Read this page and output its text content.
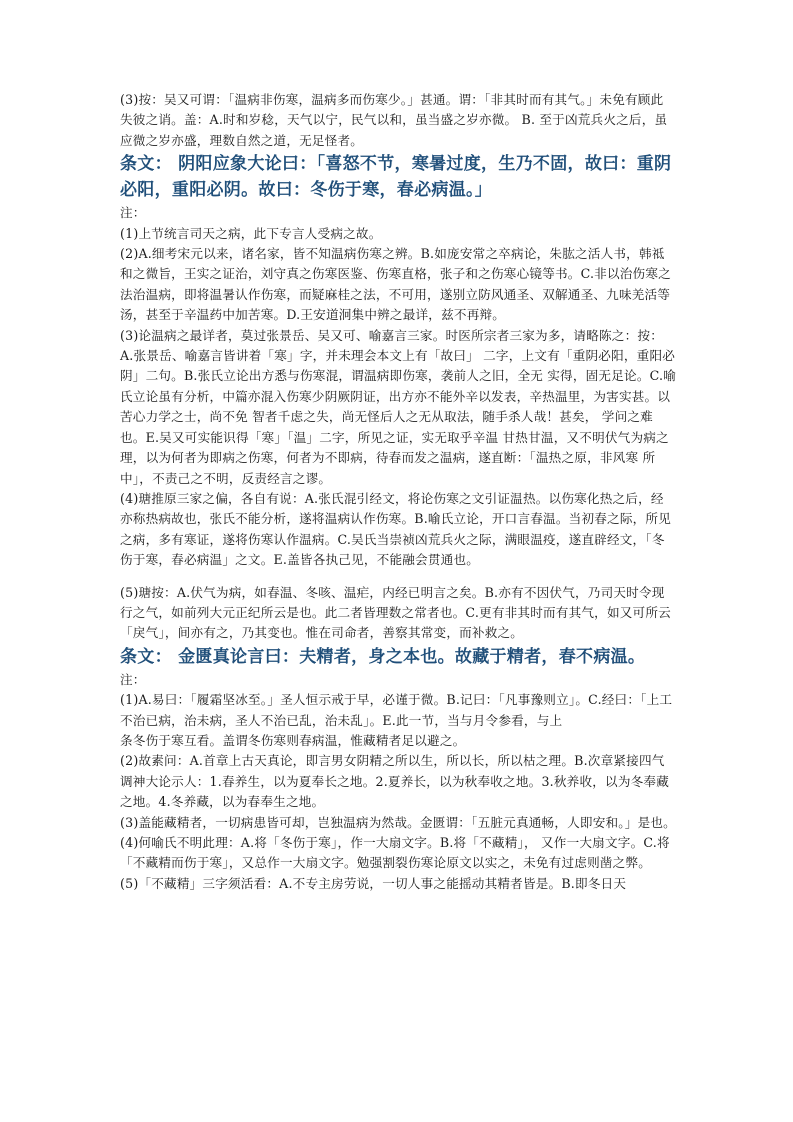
(3)按：吴又可谓：「温病非伤寒，温病多而伤寒少。」甚通。谓：「非其时而有其气。」未免有顾此失彼之诮。盖：A.时和岁稔，天气以宁，民气以和，虽当盛之岁亦微。 B. 至于凶荒兵火之后，虽应微之岁亦盛，理数自然之道，无足怪者。

条文： 阴阳应象大论曰：「喜怒不节，寒暑过度，生乃不固，故曰：重阴必阳，重阳必阴。故曰：冬伤于寒，春必病温。」

注：

(1)上节统言司天之病，此下专言人受病之故。

(2)A.细考宋元以来，诸名家，皆不知温病伤寒之辨。B.如庞安常之卒病论，朱肱之活人书，韩祗和之微旨，王实之证治，刘守真之伤寒医鉴、伤寒直格，张子和之伤寒心镜等书。C.非以治伤寒之法治温病，即将温暑认作伤寒，而疑麻桂之法，不可用，遂别立防风通圣、双解通圣、九味羌活等汤，甚至于辛温药中加苦寒。D.王安道泂集中辨之最详，兹不再辩。

(3)论温病之最详者，莫过张景岳、吴又可、喻嘉言三家。时医所宗者三家为多，请略陈之：按：A.张景岳、喻嘉言皆讲着「寒」字，并未理会本文上有「故曰」 二字，上文有「重阴必阳，重阳必阴」二句。B.张氏立论出方悉与伤寒混，谓温病即伤寒，袭前人之旧，全无 实得，固无足论。C.喻氏立论虽有分析，中篇亦混入伤寒少阴厥阴证，出方亦不能外辛以发表，辛热温里，为害实甚。以苦心力学之士，尚不免 智者千虑之失，尚无怪后人之无从取法，随手杀人哉！甚矣， 学问之难也。E.吴又可实能识得「寒」「温」二字，所见之证，实无取乎辛温 甘热甘温，又不明伏气为病之理，以为何者为即病之伤寒，何者为不即病，待春而发之温病，遂直断：「温热之原，非风寒 所中」，不责己之不明，反责经言之谬。

(4)瑭推原三家之偏，各自有说：A.张氏混引经文，将论伤寒之文引证温热。以伤寒化热之后，经亦称热病故也，张氏不能分析，遂将温病认作伤寒。B.喻氏立论，开口言春温。当初春之际，所见之病，多有寒证，遂将伤寒认作温病。C.吴氏当崇祯凶荒兵火之际，满眼温疫，遂直辟经文，「冬伤于寒，春必病温」之文。E.盖皆各执己见，不能融会贯通也。

(5)瑭按：A.伏气为病，如春温、冬咳、温疟，内经已明言之矣。B.亦有不因伏气，乃司天时令现行之气，如前列大元正纪所云是也。此二者皆理数之常者也。C.更有非其时而有其气，如又可所云「戾气」，间亦有之，乃其变也。惟在司命者，善察其常变，而补救之。

条文： 金匮真论言曰：夫精者，身之本也。故藏于精者，春不病温。

注：

(1)A.易曰：「履霜坚冰至。」圣人恒示戒于早，必谨于微。B.记曰：「凡事豫则立」。C.经曰：「上工不治已病，治未病，圣人不治已乱，治未乱」。E.此一节，当与月令参看，与上

条冬伤于寒互看。盖谓冬伤寒则春病温，惟藏精者足以避之。

(2)故素问：A.首章上古天真论，即言男女阴精之所以生，所以长，所以枯之理。B.次章紧接四气调神大论示人：1.春养生，以为夏奉长之地。2.夏养长，以为秋奉收之地。3.秋养收，以为冬奉藏之地。4.冬养藏，以为春奉生之地。

(3)盖能藏精者，一切病患皆可却，岂独温病为然哉。金匮谓：「五脏元真通畅，人即安和。」是也。

(4)何喻氏不明此理：A.将「冬伤于寒」，作一大扇文字。B.将「不藏精」， 又作一大扇文字。C.将「不藏精而伤于寒」，又总作一大扇文字。勉强割裂伤寒论原文以实之，未免有过虑则凿之弊。

(5)「不藏精」三字须活看：A.不专主房劳说，一切人事之能摇动其精者皆是。B.即冬日天
